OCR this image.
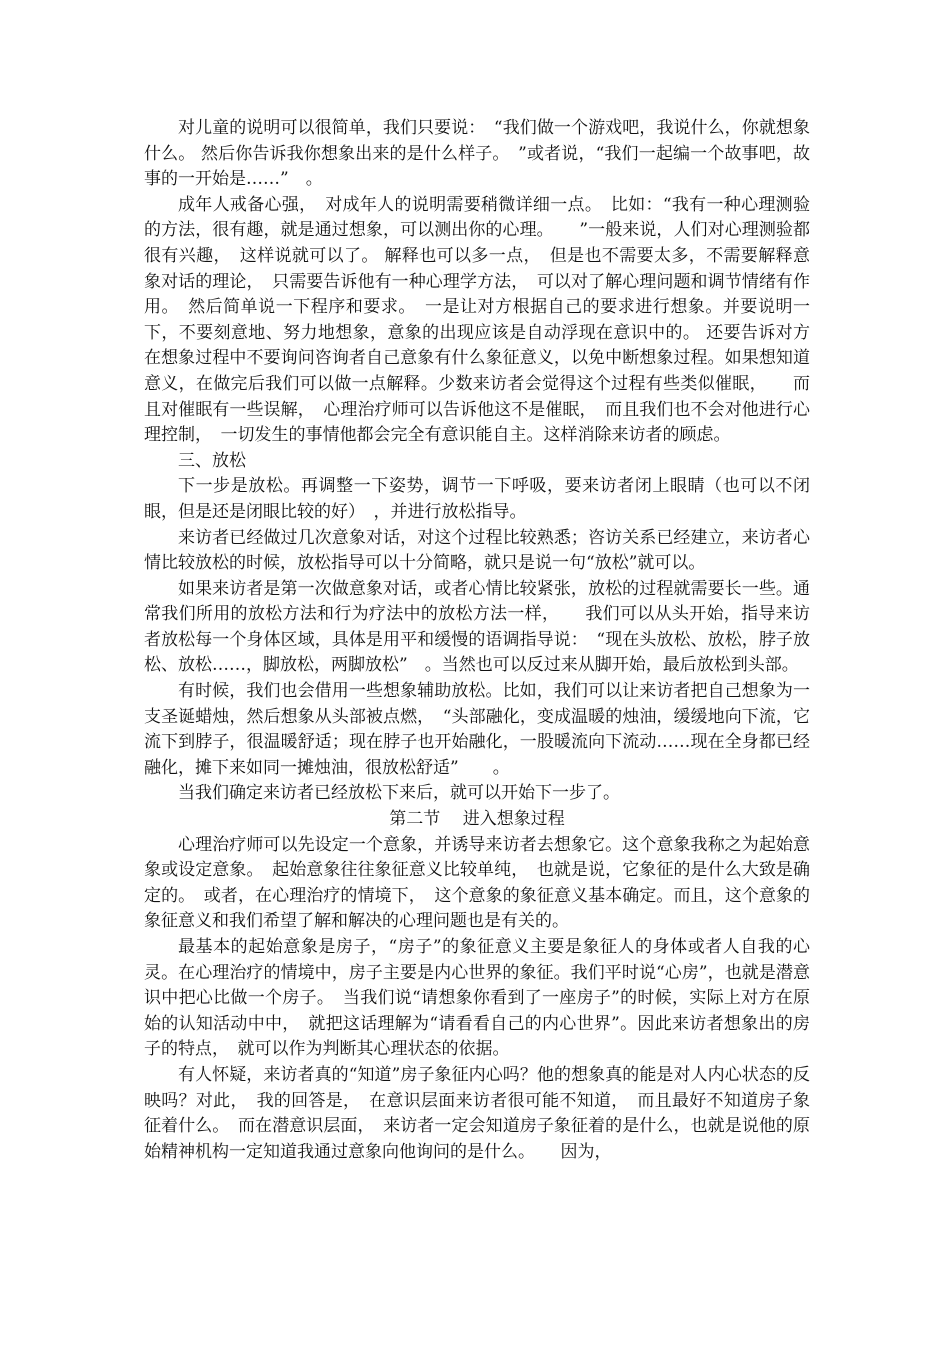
对儿童的说明可以很简单，我们只要说：　“我们做一个游戏吧，我说什么，你就想象什么。 然后你告诉我你想象出来的是什么样子。　”或者说，“我们一起编一个故事吧，故事的一开始是……”　。

成年人戒备心强，　对成年人的说明需要稍微详细一点。　比如：“我有一种心理测验的方法，很有趣，就是通过想象，可以测出你的心理。　　”一般来说，人们对心理测验都很有兴趣，　这样说就可以了。 解释也可以多一点，　但是也不需要太多，不需要解释意象对话的理论，　只需要告诉他有一种心理学方法，　可以对了解心理问题和调节情绪有作用。　然后简单说一下程序和要求。　一是让对方根据自己的要求进行想象。并要说明一下，不要刻意地、努力地想象，意象的出现应该是自动浮现在意识中的。 还要告诉对方在想象过程中不要询问咨询者自己意象有什么象征意义，以免中断想象过程。如果想知道意义，在做完后我们可以做一点解释。少数来访者会觉得这个过程有些类似催眠，　　而且对催眠有一些误解，　心理治疗师可以告诉他这不是催眠，　而且我们也不会对他进行心理控制，　一切发生的事情他都会完全有意识能自主。这样消除来访者的顾虑。

三、放松

下一步是放松。再调整一下姿势，调节一下呼吸，要来访者闭上眼睛（也可以不闭眼，但是还是闭眼比较的好）　，并进行放松指导。

来访者已经做过几次意象对话，对这个过程比较熟悉；咨访关系已经建立，来访者心情比较放松的时候，放松指导可以十分简略，就只是说一句“放松”就可以。

如果来访者是第一次做意象对话，或者心情比较紧张，放松的过程就需要长一些。通常我们所用的放松方法和行为疗法中的放松方法一样，　　我们可以从头开始，指导来访者放松每一个身体区域，具体是用平和缓慢的语调指导说：　“现在头放松、放松，脖子放松、放松……，脚放松，两脚放松”　。当然也可以反过来从脚开始，最后放松到头部。

有时候，我们也会借用一些想象辅助放松。比如，我们可以让来访者把自己想象为一支圣诞蜡烛，然后想象从头部被点燃，　“头部融化，变成温暖的烛油，缓缓地向下流，它流下到脖子，很温暖舒适；现在脖子也开始融化，一股暖流向下流动……现在全身都已经融化，摊下来如同一摊烛油，很放松舒适”　　。

当我们确定来访者已经放松下来后，就可以开始下一步了。

第二节　 进入想象过程

心理治疗师可以先设定一个意象，并诱导来访者去想象它。这个意象我称之为起始意象或设定意象。　起始意象往往象征意义比较单纯，　也就是说，它象征的是什么大致是确定的。　或者，在心理治疗的情境下，　这个意象的象征意义基本确定。而且，这个意象的象征意义和我们希望了解和解决的心理问题也是有关的。

最基本的起始意象是房子，“房子”的象征意义主要是象征人的身体或者人自我的心灵。在心理治疗的情境中，房子主要是内心世界的象征。我们平时说“心房”，也就是潜意识中把心比做一个房子。　当我们说“请想象你看到了一座房子”的时候，实际上对方在原始的认知活动中中，　就把这话理解为“请看看自己的内心世界”。因此来访者想象出的房子的特点，　就可以作为判断其心理状态的依据。

有人怀疑，来访者真的“知道”房子象征内心吗？他的想象真的能是对人内心状态的反映吗？对此，　我的回答是，　在意识层面来访者很可能不知道，　而且最好不知道房子象征着什么。　而在潜意识层面，　来访者一定会知道房子象征着的是什么，也就是说他的原始精神机构一定知道我通过意象向他询问的是什么。　　因为，
